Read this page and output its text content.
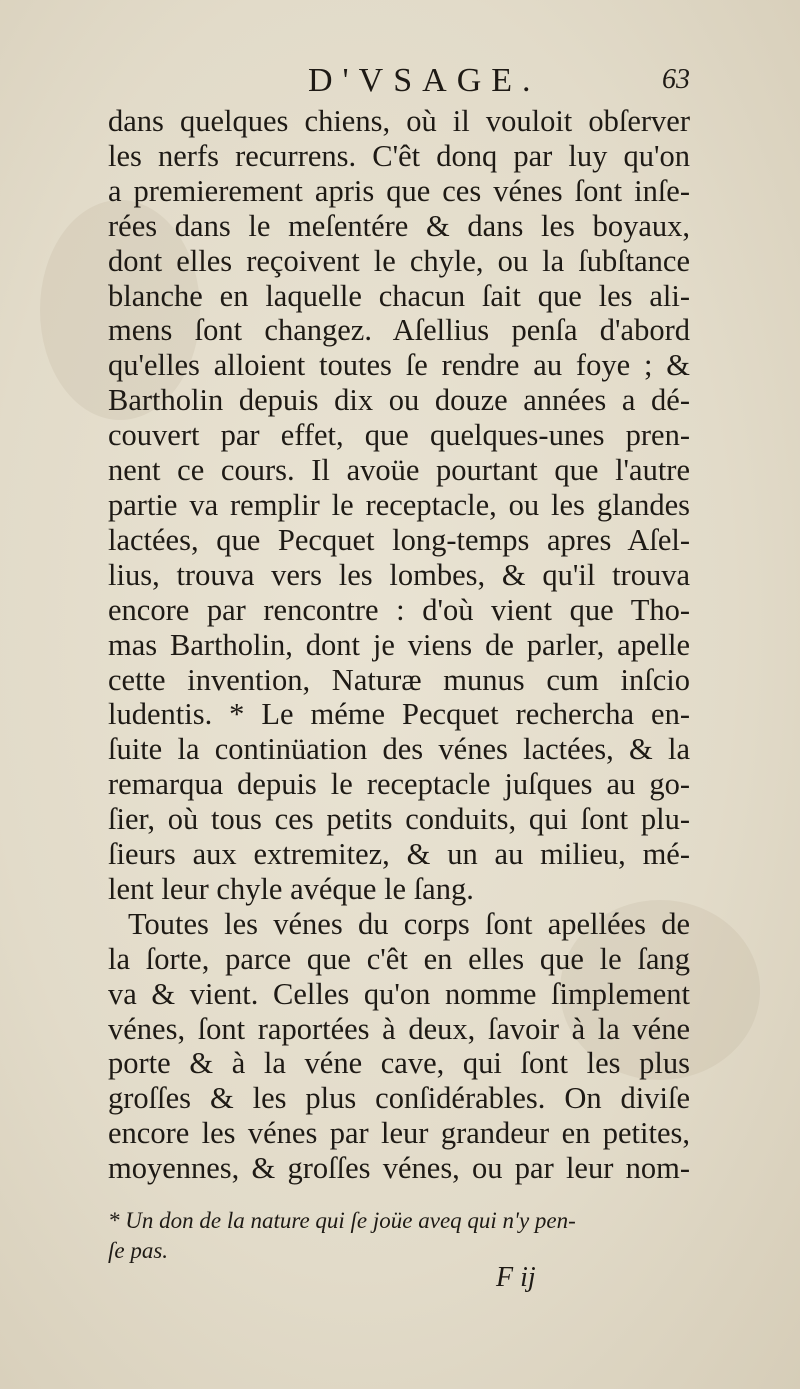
D'VSAGE.	63
dans quelques chiens, où il vouloit obſerver
les nerfs recurrens. C'êt donq par luy qu'on
a premierement apris que ces vénes ſont inſe-
rées dans le meſentére & dans les boyaux,
dont elles reçoivent le chyle, ou la ſubſtance
blanche en laquelle chacun ſait que les ali-
mens ſont changez. Aſellius penſa d'abord
qu'elles alloient toutes ſe rendre au foye ; &
Bartholin depuis dix ou douze années a dé-
couvert par effet, que quelques-unes pren-
nent ce cours. Il avoüe pourtant que l'autre
partie va remplir le receptacle, ou les glandes
lactées, que Pecquet long-temps apres Aſel-
lius, trouva vers les lombes, & qu'il trouva
encore par rencontre : d'où vient que Tho-
mas Bartholin, dont je viens de parler, apelle
cette invention, Naturæ munus cum inſcio
ludentis. * Le méme Pecquet rechercha en-
ſuite la continüation des vénes lactées, & la
remarqua depuis le receptacle juſques au go-
ſier, où tous ces petits conduits, qui ſont plu-
ſieurs aux extremitez, & un au milieu, mé-
lent leur chyle avéque le ſang.
Toutes les vénes du corps ſont apellées de
la ſorte, parce que c'êt en elles que le ſang
va & vient. Celles qu'on nomme ſimplement
vénes, ſont raportées à deux, ſavoir à la véne
porte & à la véne cave, qui ſont les plus
groſſes & les plus conſidérables. On diviſe
encore les vénes par leur grandeur en petites,
moyennes, & groſſes vénes, ou par leur nom-
* Un don de la nature qui ſe joüe aveq qui n'y pen-
ſe pas.
F ij
